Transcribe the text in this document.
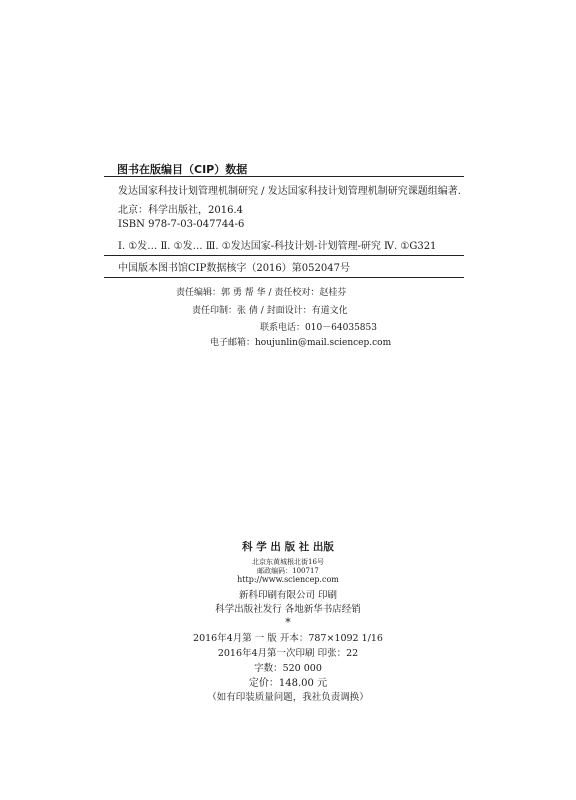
图书在版编目（CIP）数据
发达国家科技计划管理机制研究 / 发达国家科技计划管理机制研究课题组编著.
北京：科学出版社，2016.4
ISBN 978-7-03-047744-6
Ⅰ. ①发… Ⅱ. ①发… Ⅲ. ①发达国家-科技计划-计划管理-研究 Ⅳ. ①G321
中国版本图书馆CIP数据核字（2016）第052047号
责任编辑：郭 勇 帮 华 / 责任校对：赵桂芬
责任印制：张 倩 / 封面设计：有道文化
联系电话：010－64035853
电子邮箱：houjunlin@mail.sciencep.com
科 学 出 版 社 出版
北京东黄城根北街16号
邮政编码：100717
http://www.sciencep.com
新科印刷有限公司 印刷
科学出版社发行 各地新华书店经销
*
2016年4月第 一 版 开本：787×1092 1/16
2016年4月第一次印刷 印张：22
字数：520 000
定价：148.00 元
（如有印装质量问题，我社负责调换）
